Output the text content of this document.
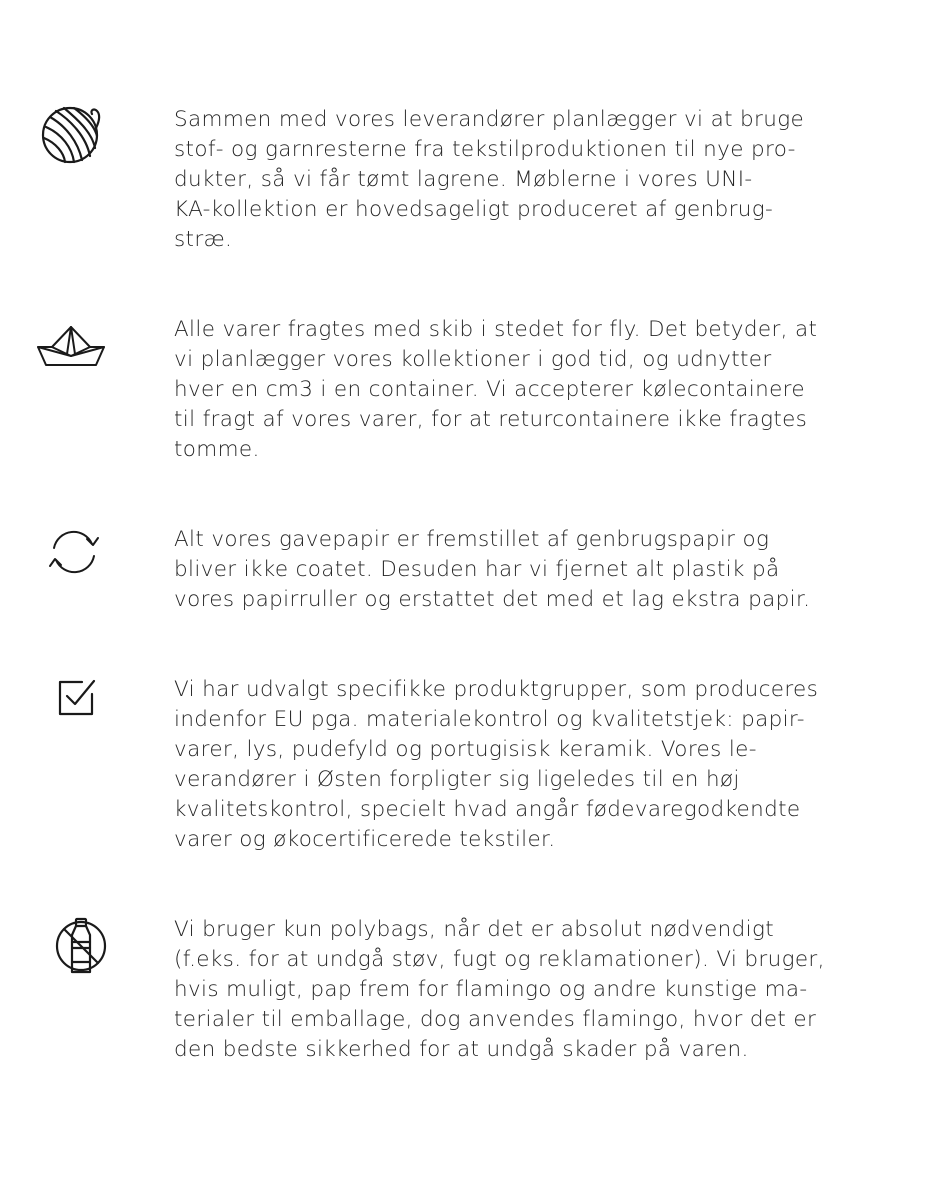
Sammen med vores leverandører planlægger vi at bruge
stof- og garnresterne fra tekstilproduktionen til nye pro-
dukter, så vi får tømt lagrene. Møblerne i vores UNI-
KA-kollektion er hovedsageligt produceret af genbrug-
stræ.

Alle varer fragtes med skib i stedet for fly. Det betyder, at
vi planlægger vores kollektioner i god tid, og udnytter
hver en cm3 i en container. Vi accepterer kølecontainere
til fragt af vores varer, for at returcontainere ikke fragtes
tomme.

Alt vores gavepapir er fremstillet af genbrugspapir og
bliver ikke coatet. Desuden har vi fjernet alt plastik på
vores papirruller og erstattet det med et lag ekstra papir.

Vi har udvalgt specifikke produktgrupper, som produceres
indenfor EU pga. materialekontrol og kvalitetstjek: papir-
varer, lys, pudefyld og portugisisk keramik. Vores le-
verandører i Østen forpligter sig ligeledes til en høj
kvalitetskontrol, specielt hvad angår fødevaregodkendte
varer og økocertificerede tekstiler.

Vi bruger kun polybags, når det er absolut nødvendigt
(f.eks. for at undgå støv, fugt og reklamationer). Vi bruger,
hvis muligt, pap frem for flamingo og andre kunstige ma-
terialer til emballage, dog anvendes flamingo, hvor det er
den bedste sikkerhed for at undgå skader på varen.
